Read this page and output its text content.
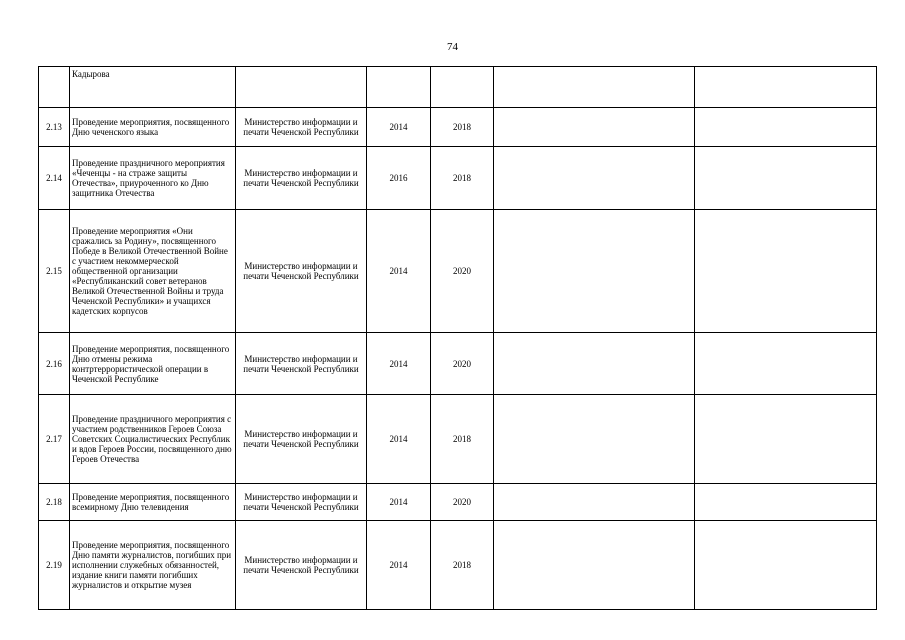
74
	Кадырова					
2.13	Проведение мероприятия, посвященного Дню чеченского языка	Министерство информации и печати Чеченской Республики	2014	2018		
2.14	Проведение праздничного мероприятия «Чеченцы - на страже защиты Отечества», приуроченного ко Дню защитника Отечества	Министерство информации и печати Чеченской Республики	2016	2018		
2.15	Проведение мероприятия «Они сражались за Родину», посвященного Победе в Великой Отечественной Войне с участием некоммерческой общественной организации «Республиканский совет ветеранов Великой Отечественной Войны и труда Чеченской Республики» и учащихся кадетских корпусов	Министерство информации и печати Чеченской Республики	2014	2020		
2.16	Проведение мероприятия, посвященного Дню отмены режима контртеррористической операции в Чеченской Республике	Министерство информации и печати Чеченской Республики	2014	2020		
2.17	Проведение праздничного мероприятия с участием родственников Героев Союза Советских Социалистических Республик и вдов Героев России, посвященного дню Героев Отечества	Министерство информации и печати Чеченской Республики	2014	2018		
2.18	Проведение мероприятия, посвященного всемирному Дню телевидения	Министерство информации и печати Чеченской Республики	2014	2020		
2.19	Проведение мероприятия, посвященного Дню памяти журналистов, погибших при исполнении служебных обязанностей, издание книги памяти погибших журналистов и открытие музея	Министерство информации и печати Чеченской Республики	2014	2018		
